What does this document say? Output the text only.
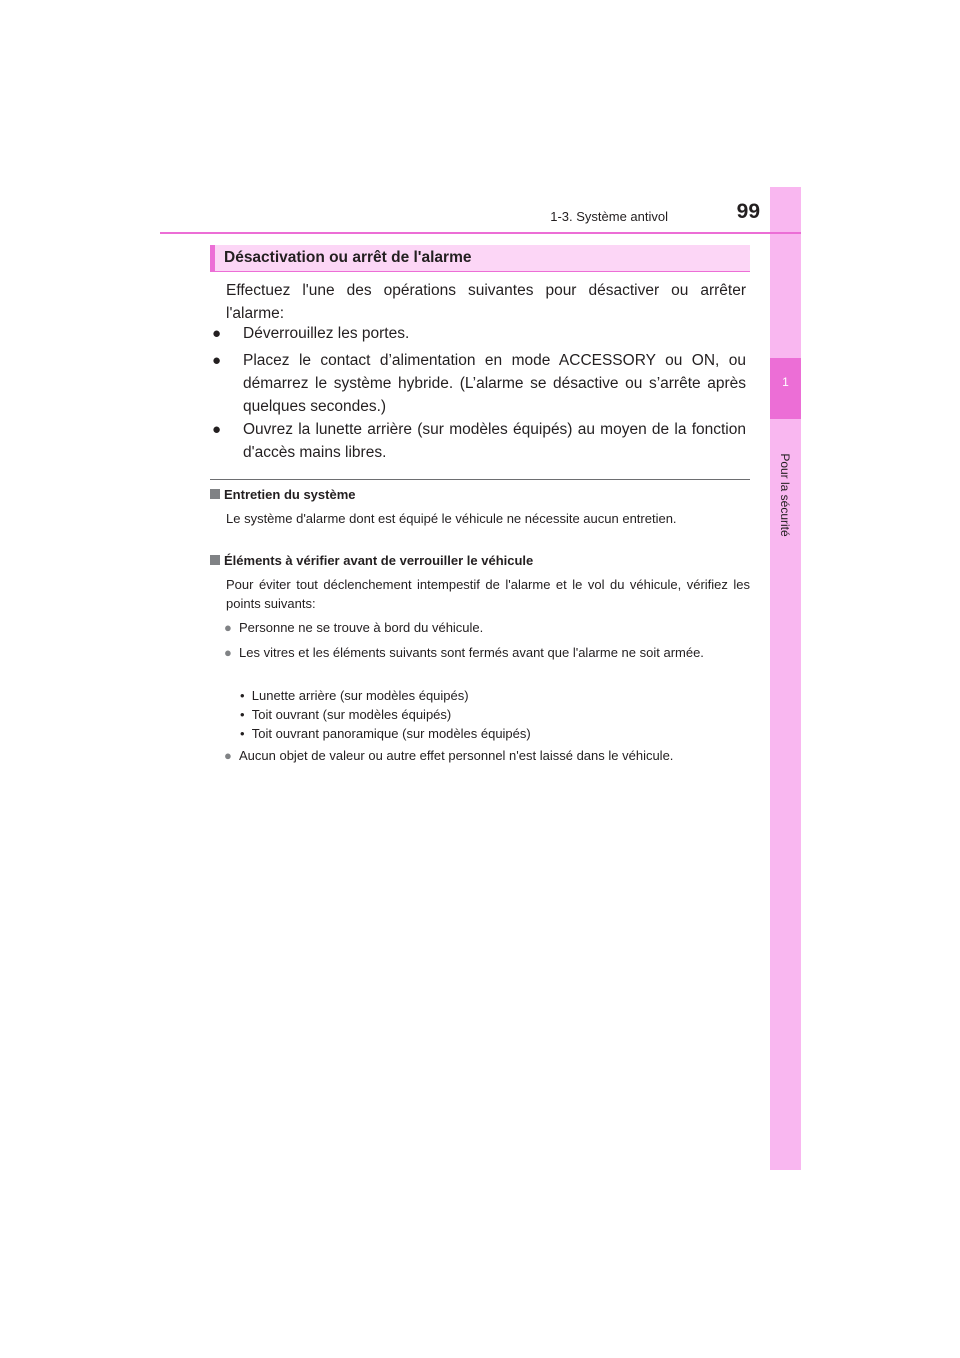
1
Pour la sécurité
1-3. Système antivol	99
Désactivation ou arrêt de l'alarme
Effectuez l'une des opérations suivantes pour désactiver ou arrêter l'alarme:
● Déverrouillez les portes.
● Placez le contact d’alimentation en mode ACCESSORY ou ON, ou démarrez le système hybride. (L’alarme se désactive ou s’arrête après quelques secondes.)
● Ouvrez la lunette arrière (sur modèles équipés) au moyen de la fonction d'accès mains libres.
Entretien du système
Le système d'alarme dont est équipé le véhicule ne nécessite aucun entretien.
Éléments à vérifier avant de verrouiller le véhicule
Pour éviter tout déclenchement intempestif de l'alarme et le vol du véhicule, vérifiez les points suivants:
● Personne ne se trouve à bord du véhicule.
● Les vitres et les éléments suivants sont fermés avant que l'alarme ne soit armée.
• Lunette arrière (sur modèles équipés)
• Toit ouvrant (sur modèles équipés)
• Toit ouvrant panoramique (sur modèles équipés)
● Aucun objet de valeur ou autre effet personnel n'est laissé dans le véhicule.
